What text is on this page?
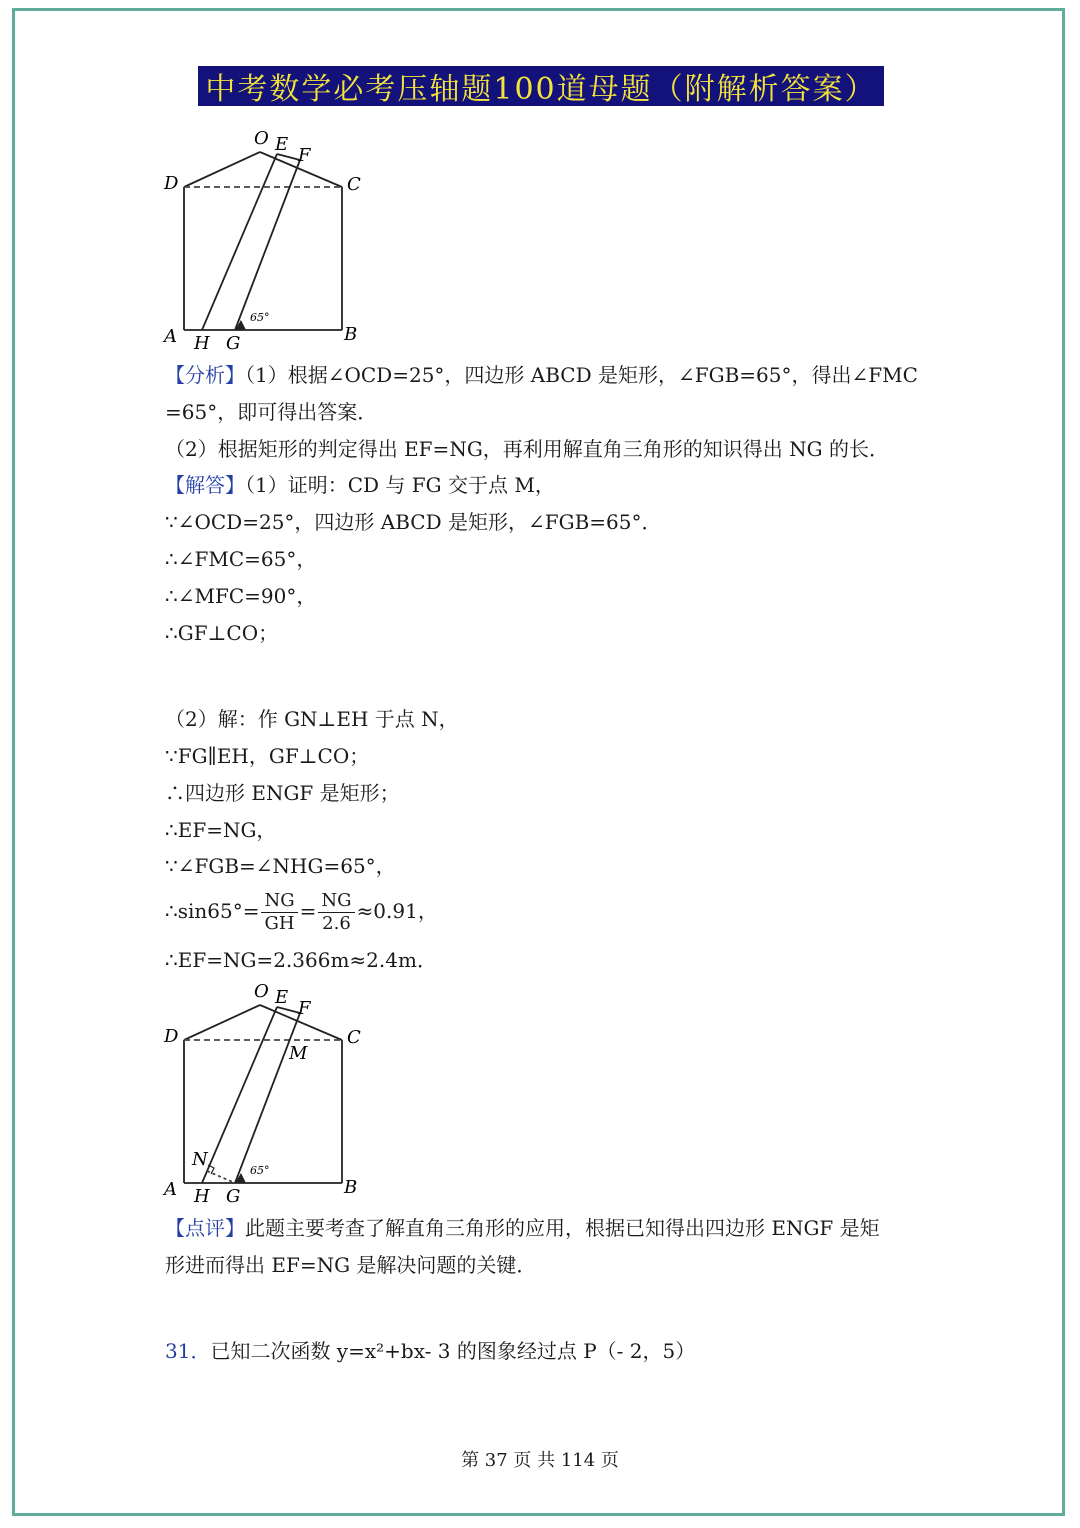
中考数学必考压轴题100道母题（附解析答案）
65°
O E
F
D	C
A H G	B
【分析】（1）根据∠OCD=25°，四边形 ABCD 是矩形，∠FGB=65°，得出∠FMC
=65°，即可得出答案．
（2）根据矩形的判定得出 EF=NG，再利用解直角三角形的知识得出 NG 的长．
【解答】（1）证明：CD 与 FG 交于点 M，
∵∠OCD=25°，四边形 ABCD 是矩形，∠FGB=65°．
∴∠FMC=65°，
∴∠MFC=90°，
∴GF⊥CO；
（2）解：作 GN⊥EH 于点 N，
∵FG∥EH，GF⊥CO；
∴四边形 ENGF 是矩形；
∴EF=NG，
∵∠FGB=∠NHG=65°，
∴sin65°= $\frac{NG}{GH} = \frac{NG}{2.6} \approx 0.91$，
∴EF=NG=2.366m≈2.4m．
65°
O E
F
D	C
M
N
A H G	B
【点评】此题主要考查了解直角三角形的应用，根据已知得出四边形 ENGF 是矩
形进而得出 EF=NG 是解决问题的关键．
31．已知二次函数 y=x²+bx- 3 的图象经过点 P（- 2，5）
第 37 页 共 114 页
